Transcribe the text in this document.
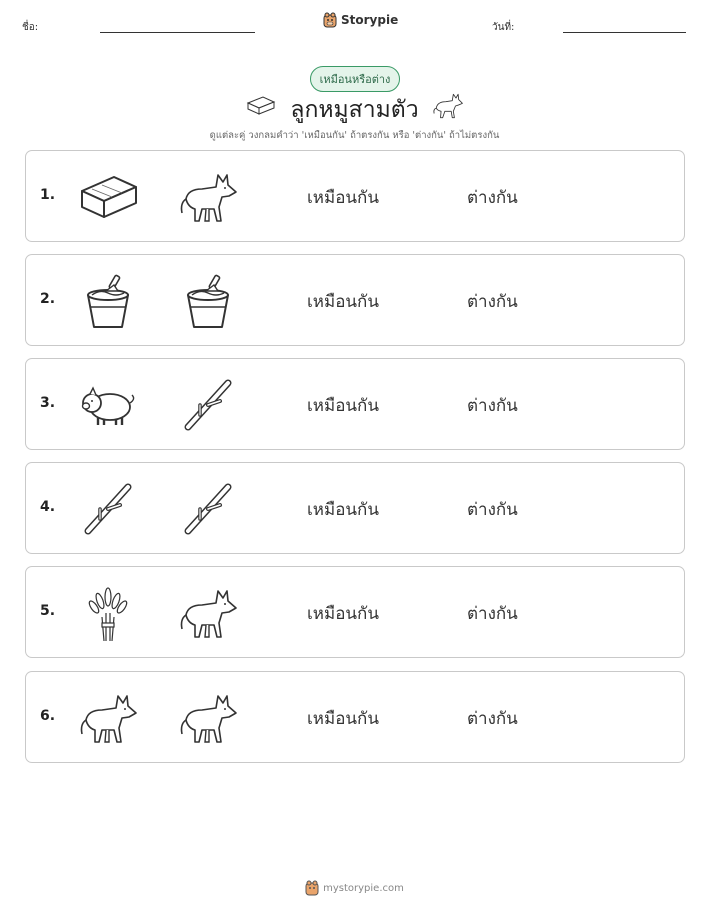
ชื่อ:
Storypie
วันที่:
เหมือนหรือต่าง
ลูกหมูสามตัว
ดูแต่ละคู่ วงกลมคำว่า 'เหมือนกัน' ถ้าตรงกัน หรือ 'ต่างกัน' ถ้าไม่ตรงกัน
1.	เหมือนกัน	ต่างกัน
2.	เหมือนกัน	ต่างกัน
3.	เหมือนกัน	ต่างกัน
4.	เหมือนกัน	ต่างกัน
5.	เหมือนกัน	ต่างกัน
6.	เหมือนกัน	ต่างกัน
mystorypie.com
